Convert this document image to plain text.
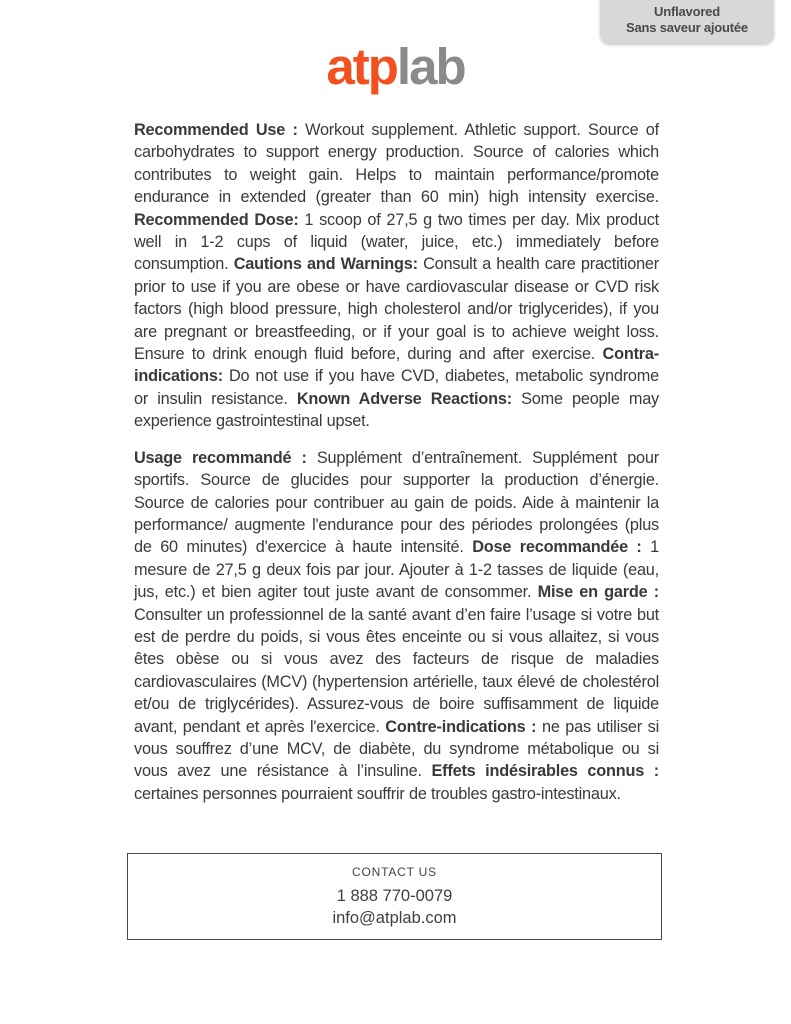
Unflavored
Sans saveur ajoutée
atplab

Recommended Use : Workout supplement. Athletic support. Source of carbohydrates to support energy production. Source of calories which contributes to weight gain. Helps to maintain performance/promote endurance in extended (greater than 60 min) high intensity exercise. Recommended Dose: 1 scoop of 27,5 g two times per day. Mix product well in 1-2 cups of liquid (water, juice, etc.) immediately before consumption. Cautions and Warnings: Consult a health care practitioner prior to use if you are obese or have cardiovascular disease or CVD risk factors (high blood pressure, high cholesterol and/or triglycerides), if you are pregnant or breastfeeding, or if your goal is to achieve weight loss. Ensure to drink enough fluid before, during and after exercise. Contra-indications: Do not use if you have CVD, diabetes, metabolic syndrome or insulin resistance. Known Adverse Reactions: Some people may experience gastrointestinal upset.

Usage recommandé : Supplément d’entraînement. Supplément pour sportifs. Source de glucides pour supporter la production d’énergie. Source de calories pour contribuer au gain de poids. Aide à maintenir la performance/ augmente l'endurance pour des périodes prolongées (plus de 60 minutes) d'exercice à haute intensité. Dose recommandée : 1 mesure de 27,5 g deux fois par jour. Ajouter à 1-2 tasses de liquide (eau, jus, etc.) et bien agiter tout juste avant de consommer. Mise en garde : Consulter un professionnel de la santé avant d’en faire l’usage si votre but est de perdre du poids, si vous êtes enceinte ou si vous allaitez, si vous êtes obèse ou si vous avez des facteurs de risque de maladies cardiovasculaires (MCV) (hypertension artérielle, taux élevé de cholestérol et/ou de triglycérides). Assurez-vous de boire suffisamment de liquide avant, pendant et après l'exercice. Contre-indications : ne pas utiliser si vous souffrez d’une MCV, de diabète, du syndrome métabolique ou si vous avez une résistance à l’insuline. Effets indésirables connus : certaines personnes pourraient souffrir de troubles gastro-intestinaux.

CONTACT US
1 888 770-0079
info@atplab.com
